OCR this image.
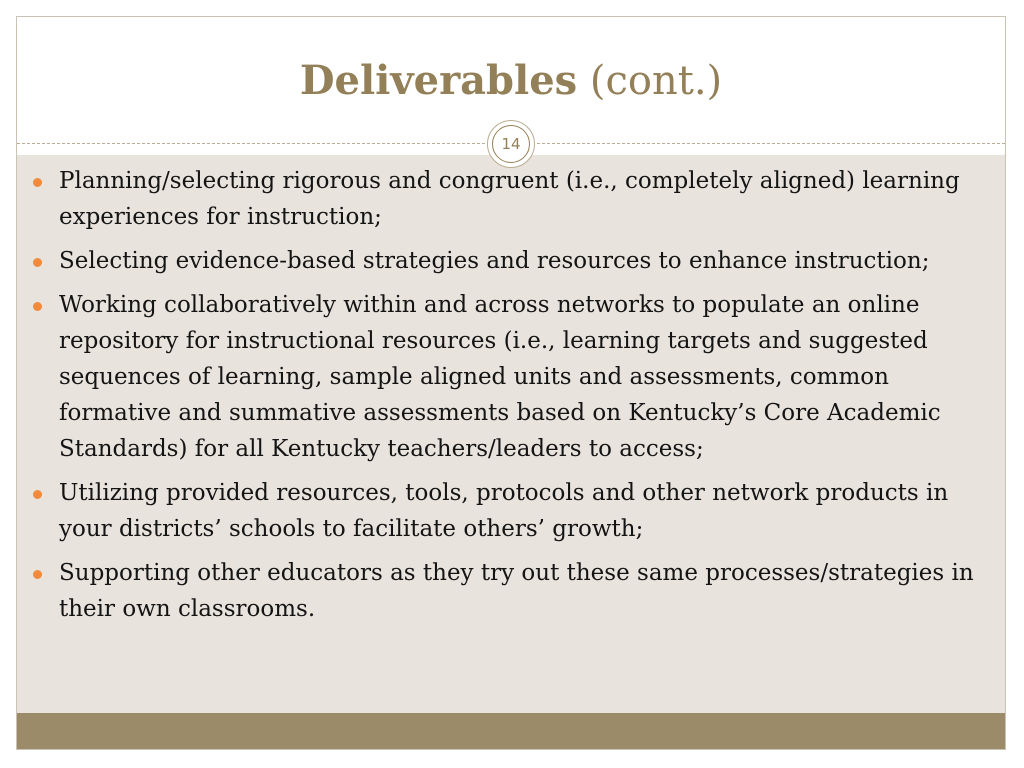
Deliverables (cont.)
14
Planning/selecting rigorous and congruent (i.e., completely aligned) learning experiences for instruction;
Selecting evidence-based strategies and resources to enhance instruction;
Working collaboratively within and across networks to populate an online repository for instructional resources (i.e., learning targets and suggested sequences of learning, sample aligned units and assessments, common formative and summative assessments based on Kentucky’s Core Academic Standards) for all Kentucky teachers/leaders to access;
Utilizing provided resources, tools, protocols and other network products in your districts’ schools to facilitate others’ growth;
Supporting other educators as they try out these same processes/strategies in their own classrooms.
